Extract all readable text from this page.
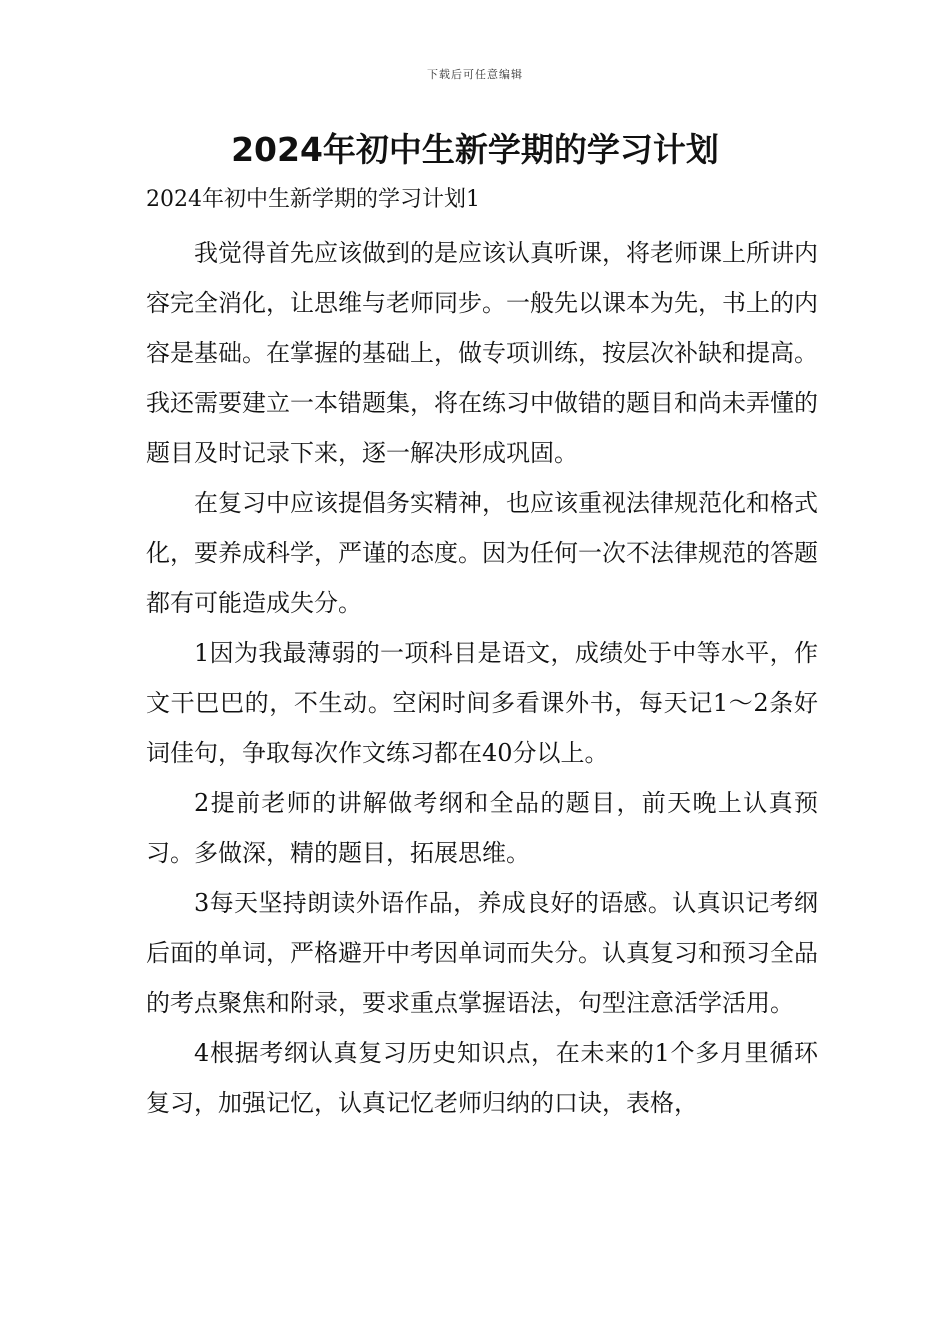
下载后可任意编辑
2024年初中生新学期的学习计划
2024年初中生新学期的学习计划1

我觉得首先应该做到的是应该认真听课，将老师课上所讲内容完全消化，让思维与老师同步。一般先以课本为先，书上的内容是基础。在掌握的基础上，做专项训练，按层次补缺和提高。我还需要建立一本错题集，将在练习中做错的题目和尚未弄懂的题目及时记录下来，逐一解决形成巩固。

在复习中应该提倡务实精神，也应该重视法律规范化和格式化，要养成科学，严谨的态度。因为任何一次不法律规范的答题都有可能造成失分。

1因为我最薄弱的一项科目是语文，成绩处于中等水平，作文干巴巴的，不生动。空闲时间多看课外书，每天记1～2条好词佳句，争取每次作文练习都在40分以上。

2提前老师的讲解做考纲和全品的题目，前天晚上认真预习。多做深，精的题目，拓展思维。

3每天坚持朗读外语作品，养成良好的语感。认真识记考纲后面的单词，严格避开中考因单词而失分。认真复习和预习全品的考点聚焦和附录，要求重点掌握语法，句型注意活学活用。

4根据考纲认真复习历史知识点，在未来的1个多月里循环复习，加强记忆，认真记忆老师归纳的口诀，表格，
